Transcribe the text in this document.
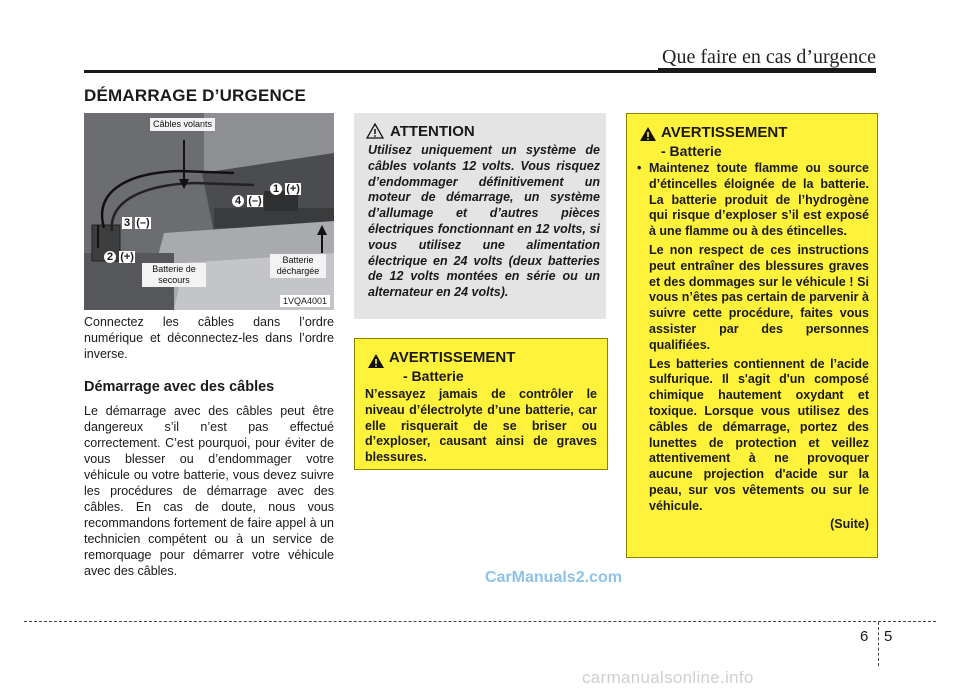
Que faire en cas d’urgence
DÉMARRAGE D’URGENCE
Câbles volants
Batterie de secours
Batterie déchargée
1 (+)
4 (–)
3 (–)
2 (+)
1VQA4001
Connectez les câbles dans l’ordre numérique et déconnectez-les dans l’ordre inverse.
Démarrage avec des câbles
Le démarrage avec des câbles peut être dangereux s’il n’est pas effectué correctement. C’est pourquoi, pour éviter de vous blesser ou d’endommager votre véhicule ou votre batterie, vous devez suivre les procédures de démarrage avec des câbles. En cas de doute, nous vous recommandons fortement de faire appel à un technicien compétent ou à un service de remorquage pour démarrer votre véhicule avec des câbles.
ATTENTION
Utilisez uniquement un système de câbles volants 12 volts. Vous risquez d’endommager définitivement un moteur de démarrage, un système d’allumage et d’autres pièces électriques fonctionnant en 12 volts, si vous utilisez une alimentation électrique en 24 volts (deux batteries de 12 volts montées en série ou un alternateur en 24 volts).
AVERTISSEMENT
- Batterie
N’essayez jamais de contrôler le niveau d’électrolyte d’une batterie, car elle risquerait de se briser ou d’exploser, causant ainsi de graves blessures.
AVERTISSEMENT
- Batterie
• Maintenez toute flamme ou source d’étincelles éloignée de la batterie. La batterie produit de l’hydrogène qui risque d’exploser s’il est exposé à une flamme ou à des étincelles.
Le non respect de ces instructions peut entraîner des blessures graves et des dommages sur le véhicule ! Si vous n’êtes pas certain de parvenir à suivre cette procédure, faites vous assister par des personnes qualifiées.
Les batteries contiennent de l’acide sulfurique. Il s'agit d'un composé chimique hautement oxydant et toxique. Lorsque vous utilisez des câbles de démarrage, portez des lunettes de protection et veillez attentivement à ne provoquer aucune projection d'acide sur la peau, sur vos vêtements ou sur le véhicule.
(Suite)
CarManuals2.com
6 5
carmanualsonline.info
